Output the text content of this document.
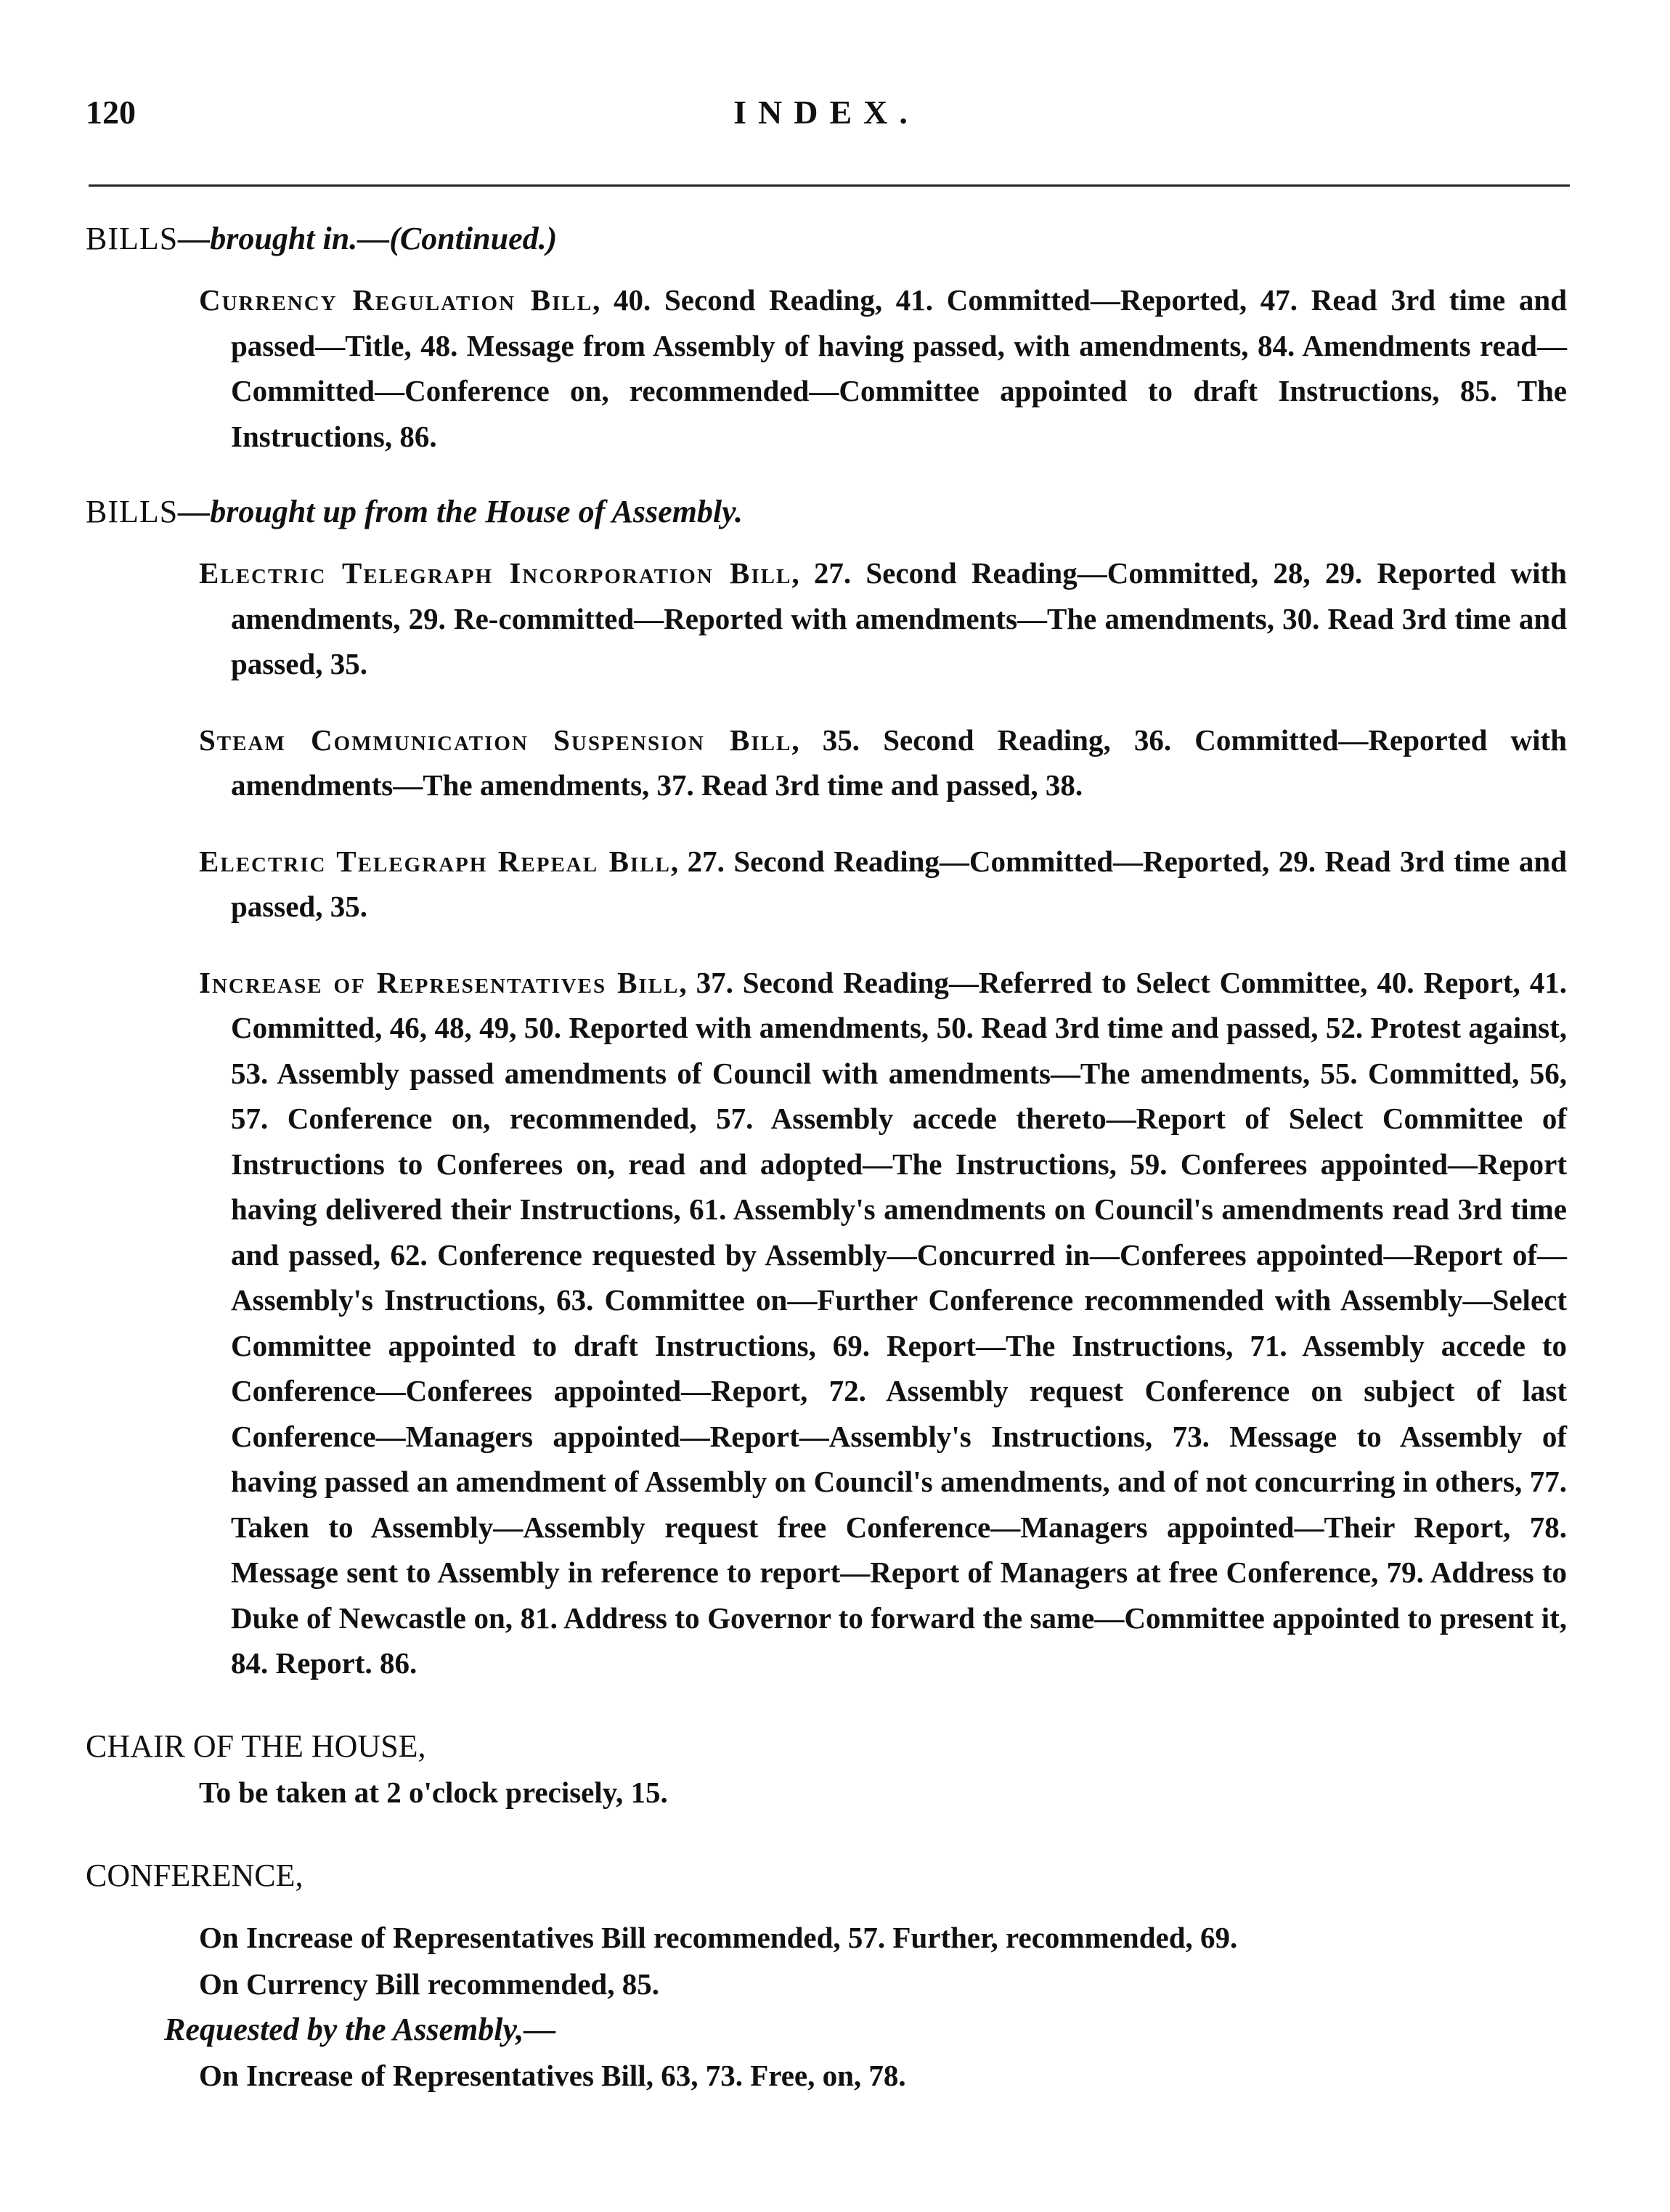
120	INDEX.

BILLS—brought in.—(Continued.)

Currency Regulation Bill, 40. Second Reading, 41. Committed—Reported, 47. Read 3rd time and passed—Title, 48. Message from Assembly of having passed, with amendments, 84. Amendments read—Committed—Conference on, recommended—Committee appointed to draft Instructions, 85. The Instructions, 86.

BILLS—brought up from the House of Assembly.

Electric Telegraph Incorporation Bill, 27. Second Reading—Committed, 28, 29. Reported with amendments, 29. Re-committed—Reported with amendments—The amendments, 30. Read 3rd time and passed, 35.

Steam Communication Suspension Bill, 35. Second Reading, 36. Committed—Reported with amendments—The amendments, 37. Read 3rd time and passed, 38.

Electric Telegraph Repeal Bill, 27. Second Reading—Committed—Reported, 29. Read 3rd time and passed, 35.

Increase of Representatives Bill, 37. Second Reading—Referred to Select Committee, 40. Report, 41. Committed, 46, 48, 49, 50. Reported with amendments, 50. Read 3rd time and passed, 52. Protest against, 53. Assembly passed amendments of Council with amendments—The amendments, 55. Committed, 56, 57. Conference on, recommended, 57. Assembly accede thereto—Report of Select Committee of Instructions to Conferees on, read and adopted—The Instructions, 59. Conferees appointed—Report having delivered their Instructions, 61. Assembly's amendments on Council's amendments read 3rd time and passed, 62. Conference requested by Assembly—Concurred in—Conferees appointed—Report of—Assembly's Instructions, 63. Committee on—Further Conference recommended with Assembly—Select Committee appointed to draft Instructions, 69. Report—The Instructions, 71. Assembly accede to Conference—Conferees appointed—Report, 72. Assembly request Conference on subject of last Conference—Managers appointed—Report—Assembly's Instructions, 73. Message to Assembly of having passed an amendment of Assembly on Council's amendments, and of not concurring in others, 77. Taken to Assembly—Assembly request free Conference—Managers appointed—Their Report, 78. Message sent to Assembly in reference to report—Report of Managers at free Conference, 79. Address to Duke of Newcastle on, 81. Address to Governor to forward the same—Committee appointed to present it, 84. Report. 86.

CHAIR OF THE HOUSE,

To be taken at 2 o'clock precisely, 15.

CONFERENCE,

On Increase of Representatives Bill recommended, 57. Further, recommended, 69.

On Currency Bill recommended, 85.

Requested by the Assembly,—

On Increase of Representatives Bill, 63, 73. Free, on, 78.
